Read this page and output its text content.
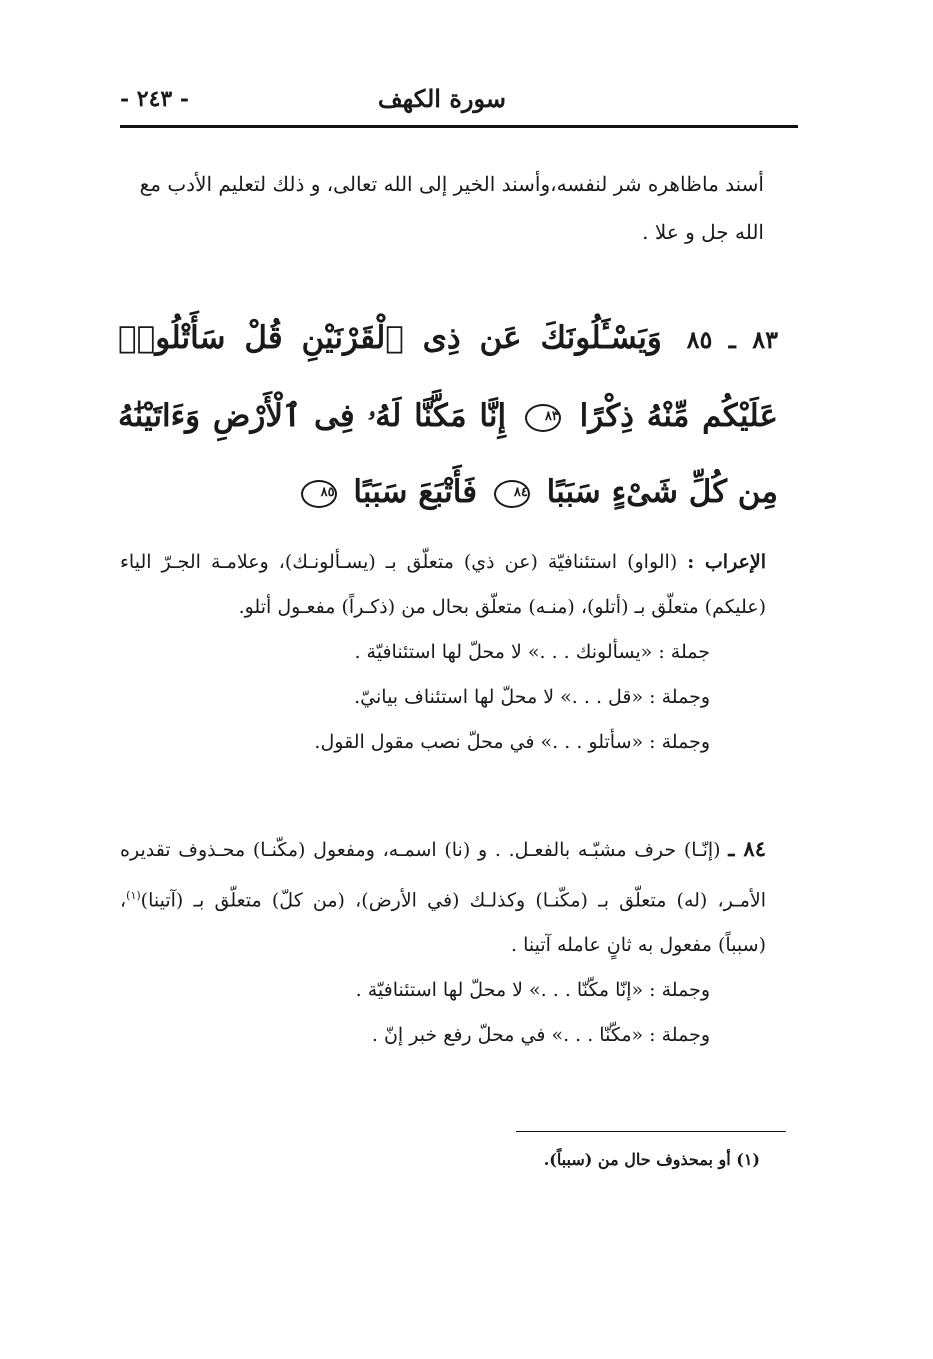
سورة الكهف
- ٢٤٣ -
أسند ماظاهره شر لنفسه،وأسند الخير إلى الله تعالى، و ذلك لتعليم الأدب مع
الله جل و علا .
٨٣ ـ ٨٥ وَيَسْـَٔلُونَكَ عَن ذِى ٱلْقَرْنَيْنِ قُلْ سَأَتْلُوا۟ عَلَيْكُم مِّنْهُ ذِكْرًا ٨٣ إِنَّا مَكَّنَّا لَهُۥ فِى ٱلْأَرْضِ وَءَاتَيْنَٰهُ مِن كُلِّ شَىْءٍ سَبَبًا ٨٤ فَأَتْبَعَ سَبَبًا ٨٥
الإعراب : (الواو) استئنافيّة (عن ذي) متعلّق بـ (يسـألونـك)، وعلامـة الجـرّ الياء (عليكم) متعلّق بـ (أتلو)، (منـه) متعلّق بحال من (ذكـراً) مفعـول أتلو.
جملة : «يسألونك . . .» لا محلّ لها استئنافيّة .
وجملة : «قل . . .» لا محلّ لها استئناف بيانيّ.
وجملة : «سأتلو . . .» في محلّ نصب مقول القول.
٨٤ ـ (إنّـا) حرف مشبّـه بالفعـل. . و (نا) اسمـه، ومفعول (مكّنـا) محـذوف تقديره الأمـر، (له) متعلّق بـ (مكّنـا) وكذلـك (في الأرض)، (من كلّ) متعلّق بـ (آتينا)$^{(١)}$، (سبباً) مفعول به ثانٍ عامله آتينا .
وجملة : «إنّا مكّنّا . . .» لا محلّ لها استئنافيّة .
وجملة : «مكّنّا . . .» في محلّ رفع خبر إنّ .
(١) أو بمحذوف حال من (سبباً).
